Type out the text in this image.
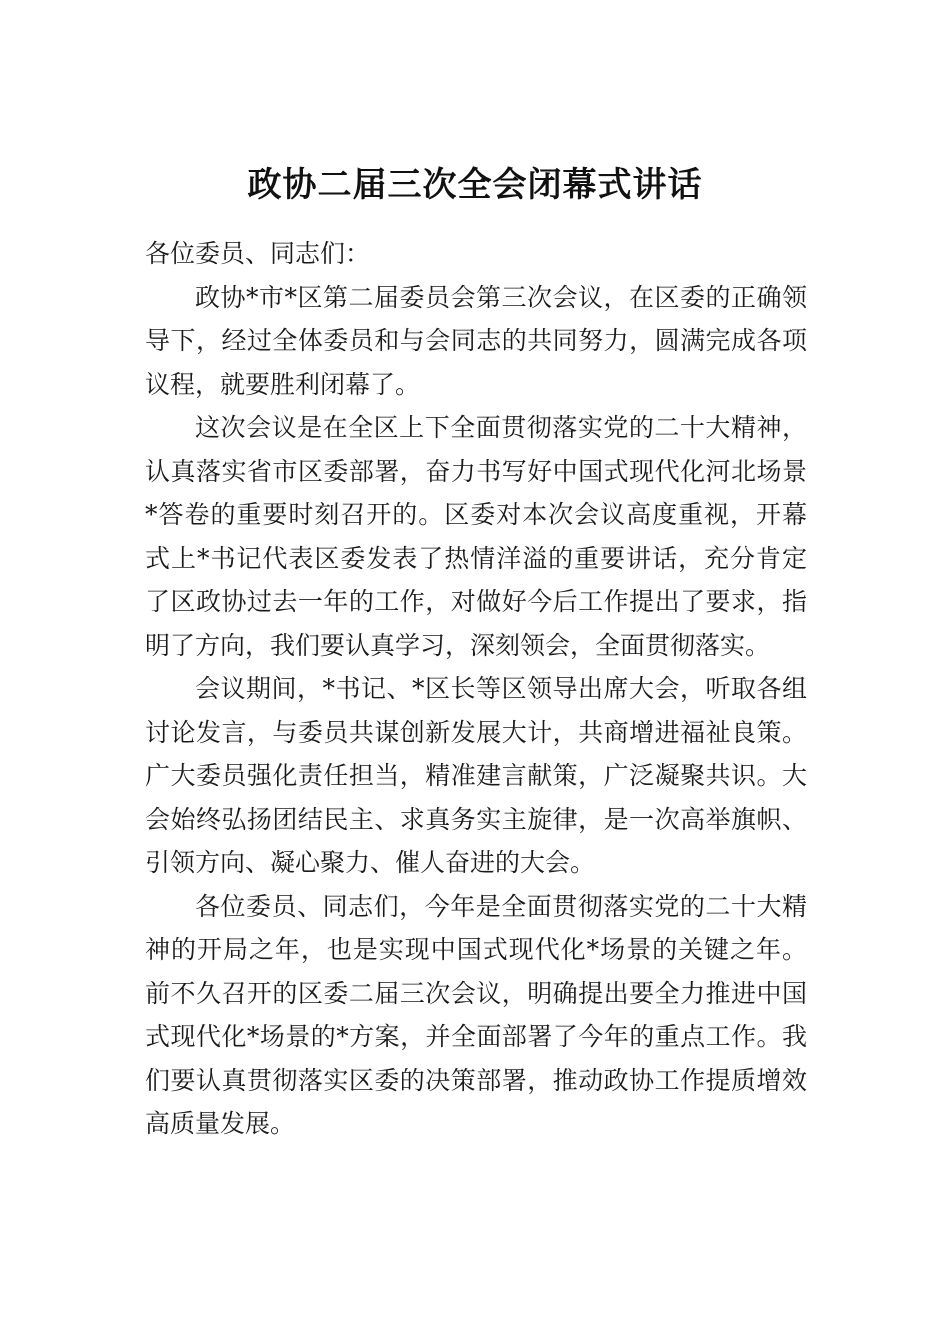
政协二届三次全会闭幕式讲话

各位委员、同志们：

政协*市*区第二届委员会第三次会议，在区委的正确领导下，经过全体委员和与会同志的共同努力，圆满完成各项议程，就要胜利闭幕了。

这次会议是在全区上下全面贯彻落实党的二十大精神，认真落实省市区委部署，奋力书写好中国式现代化河北场景*答卷的重要时刻召开的。区委对本次会议高度重视，开幕式上*书记代表区委发表了热情洋溢的重要讲话，充分肯定了区政协过去一年的工作，对做好今后工作提出了要求，指明了方向，我们要认真学习，深刻领会，全面贯彻落实。

会议期间，*书记、*区长等区领导出席大会，听取各组讨论发言，与委员共谋创新发展大计，共商增进福祉良策。广大委员强化责任担当，精准建言献策，广泛凝聚共识。大会始终弘扬团结民主、求真务实主旋律，是一次高举旗帜、引领方向、凝心聚力、催人奋进的大会。

各位委员、同志们，今年是全面贯彻落实党的二十大精神的开局之年，也是实现中国式现代化*场景的关键之年。前不久召开的区委二届三次会议，明确提出要全力推进中国式现代化*场景的*方案，并全面部署了今年的重点工作。我们要认真贯彻落实区委的决策部署，推动政协工作提质增效高质量发展。
